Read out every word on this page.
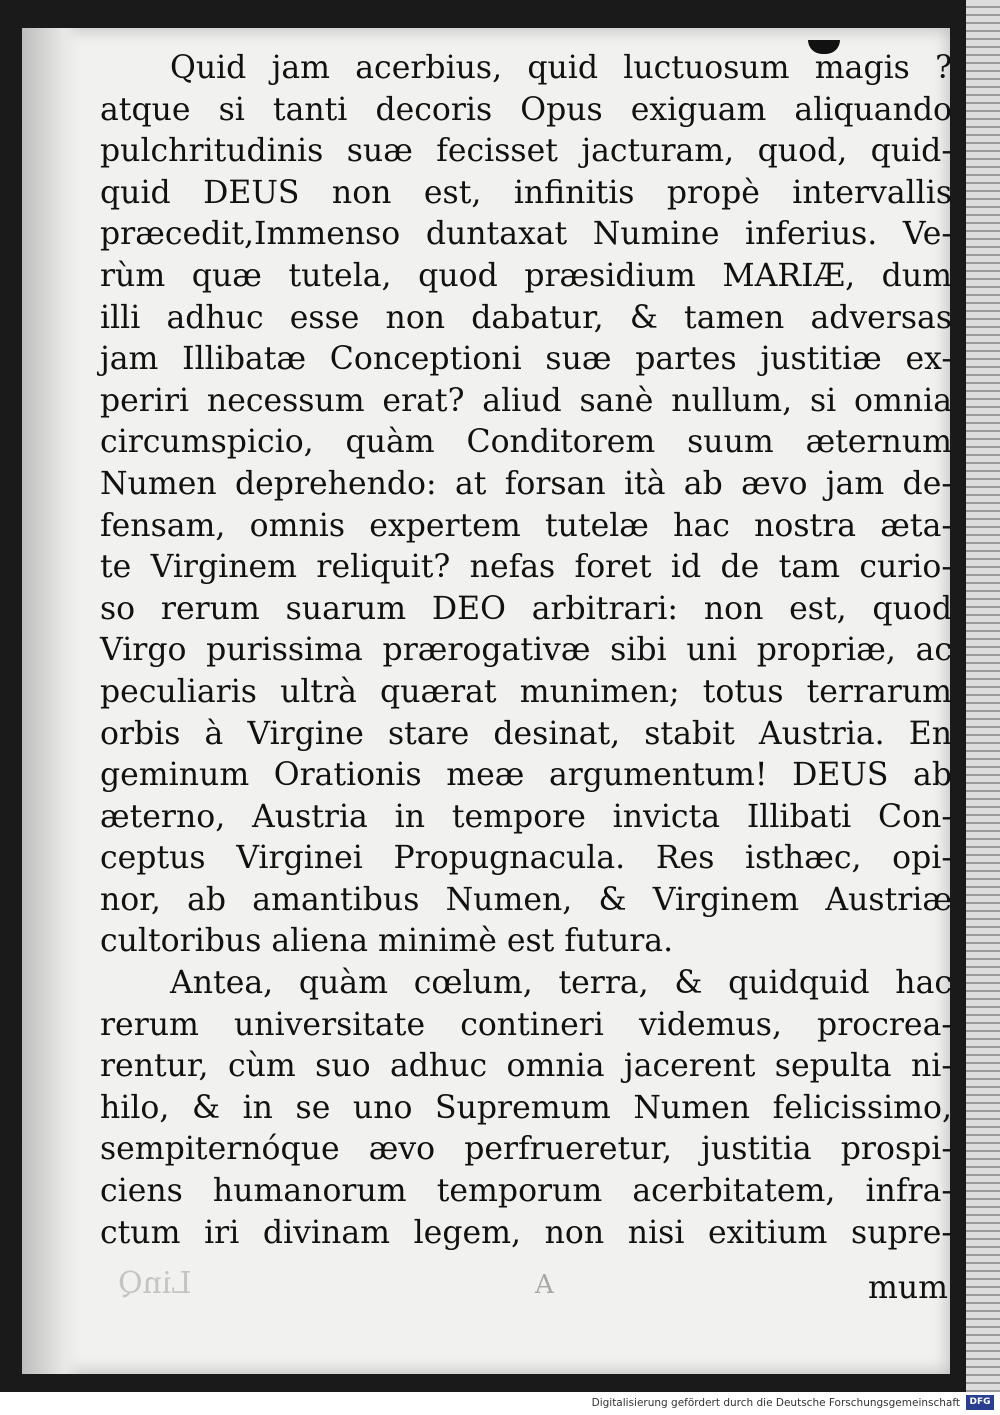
Quid jam acerbius, quid luctuosum magis ?
atque si tanti decoris Opus exiguam aliquando
pulchritudinis suæ fecisset jacturam, quod, quid-
quid DEUS non est, infinitis propè intervallis
præcedit,Immenso duntaxat Numine inferius. Ve-
rùm quæ tutela, quod præsidium MARIÆ, dum
illi adhuc esse non dabatur, & tamen adversas
jam Illibatæ Conceptioni suæ partes justitiæ ex-
periri necessum erat? aliud sanè nullum, si omnia
circumspicio, quàm Conditorem suum æternum
Numen deprehendo: at forsan ità ab ævo jam de-
fensam, omnis expertem tutelæ hac nostra æta-
te Virginem reliquit? nefas foret id de tam curio-
so rerum suarum DEO arbitrari: non est, quod
Virgo purissima prærogativæ sibi uni propriæ, ac
peculiaris ultrà quærat munimen; totus terrarum
orbis à Virgine stare desinat, stabit Austria. En
geminum Orationis meæ argumentum! DEUS ab
æterno, Austria in tempore invicta Illibati Con-
ceptus Virginei Propugnacula. Res isthæc, opi-
nor, ab amantibus Numen, & Virginem Austriæ
cultoribus aliena minimè est futura.
Antea, quàm cœlum, terra, & quidquid hac
rerum universitate contineri videmus, procrea-
rentur, cùm suo adhuc omnia jacerent sepulta ni-
hilo, & in se uno Supremum Numen felicissimo,
sempiternóque ævo perfrueretur, justitia prospi-
ciens humanorum temporum acerbitatem, infra-
ctum iri divinam legem, non nisi exitium supre-
LinQ	A	mum
Digitalisierung gefördert durch die Deutsche Forschungsgemeinschaft	DFG
